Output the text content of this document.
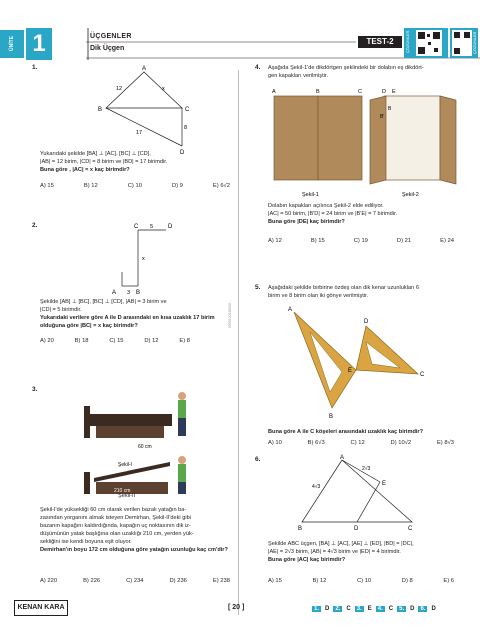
ÜNİTE 1	ÜÇGENLER
Dik Üçgen
TEST-2	ÇÖZÜMLER	ÇÖZÜMLER
0909210936000...
1.	A
B	C
D
12	x
8
17
Yukarıdaki şekilde [BA] ⊥ [AC], [BC] ⊥ [CD],
|AB| = 12 birim, |CD| = 8 birim ve |BD| = 17 birimdir.
Buna göre , |AC| = x kaç birimdir?
A) 15	B) 12	C) 10	D) 9	E) 6√2
2.	C	D
5
x
A 3 B
Şekilde [AB] ⊥ [BC], [BC] ⊥ [CD], |AB| = 3 birim ve
|CD| = 5 birimdir.
Yukarıdaki verilere göre A ile D arasındaki en kısa uzaklık 17 birim olduğuna göre |BC| = x kaç birimdir?
A) 20	B) 18	C) 15	D) 12	E) 8
3.
60 cm
Şekil-I
210 cm
Şekil-II
Şekil-I'de yüksekliği 60 cm olarak verilen bazalı yatağın ba-
zasından yorganını almak isteyen Demirhan, Şekil-II'deki gibi
bazanın kapağını kaldırdığında, kapağın uç noktasının dik iz-
düşümünün yatak başlığına olan uzaklığı 210 cm, yerden yük-
sekliğini ise kendi boyuna eşit oluyor.
Demirhan'ın boyu 172 cm olduğuna göre yatağın uzunluğu kaç cm'dir?
A) 220	B) 226	C) 234	D) 236	E) 238
4. Aşağıda Şekil-1'de dikdörtgen şeklindeki bir dolabın eş dikdört-
gen kapakları verilmiştir.
A	B	C	D E
B
B'
Şekil-1	Şekil-2
Dolabın kapakları açılınca Şekil-2 elde ediliyor.
|AC| = 50 birim, |B'D| = 24 birim ve |B'E| = 7 birimdir.
Buna göre |DE| kaç birimdir?
A) 12	B) 15	C) 19	D) 21	E) 24
5. Aşağıdaki şekilde birbirine özdeş olan dik kenar uzunlukları 6
birim ve 8 birim olan iki gönye verilmiştir.
A
D
E
C
B
Buna göre A ile C köşeleri arasındaki uzaklık kaç birimdir?
A) 10	B) 6√3	C) 12	D) 10√2	E) 8√3
6.	A
B	D	C
E
2√3
4√3
Şekilde ABC üçgen, [BA] ⊥ [AC], [AE] ⊥ [ED], |BD| = |DC|,
|AE| = 2√3 birim, |AB| = 4√3 birim ve |ED| = 4 birimdir.
Buna göre |AC| kaç birimdir?
A) 15	B) 12	C) 10	D) 8	E) 6
KENAN KARA	[ 20 ]	1.	D	2.	C	3.	E	4.	C	5.	D	6.	D
